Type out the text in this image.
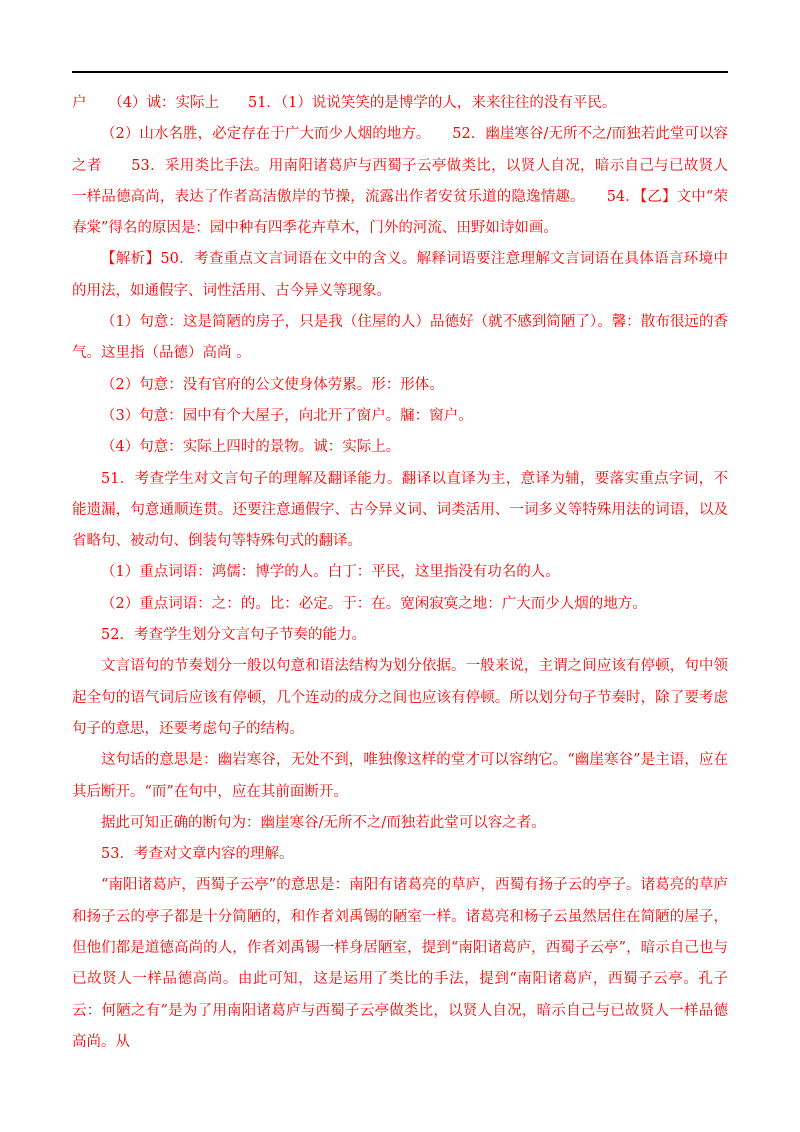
户　　（4）诚：实际上　　51．（1）说说笑笑的是博学的人，来来往往的没有平民。

（2）山水名胜，必定存在于广大而少人烟的地方。　　52．幽崖寒谷/无所不之/而独若此堂可以容之者　　53．采用类比手法。用南阳诸葛庐与西蜀子云亭做类比，以贤人自况，暗示自己与已故贤人一样品德高尚，表达了作者高洁傲岸的节操，流露出作者安贫乐道的隐逸情趣。　　54．【乙】文中“荣春棠”得名的原因是：园中种有四季花卉草木，门外的河流、田野如诗如画。

【解析】50．考查重点文言词语在文中的含义。解释词语要注意理解文言词语在具体语言环境中的用法，如通假字、词性活用、古今异义等现象。

（1）句意：这是简陋的房子，只是我（住屋的人）品德好（就不感到简陋了）。馨：散布很远的香气。这里指（品德）高尚 。

（2）句意：没有官府的公文使身体劳累。形：形体。

（3）句意：园中有个大屋子，向北开了窗户。牖：窗户。

（4）句意：实际上四时的景物。诚：实际上。

51．考查学生对文言句子的理解及翻译能力。翻译以直译为主，意译为辅，要落实重点字词，不能遗漏，句意通顺连贯。还要注意通假字、古今异义词、词类活用、一词多义等特殊用法的词语，以及省略句、被动句、倒装句等特殊句式的翻译。

（1）重点词语：鸿儒：博学的人。白丁：平民，这里指没有功名的人。

（2）重点词语：之：的。比：必定。于：在。宽闲寂寞之地：广大而少人烟的地方。

52．考查学生划分文言句子节奏的能力。

文言语句的节奏划分一般以句意和语法结构为划分依据。一般来说，主谓之间应该有停顿，句中领起全句的语气词后应该有停顿，几个连动的成分之间也应该有停顿。所以划分句子节奏时，除了要考虑句子的意思，还要考虑句子的结构。

这句话的意思是：幽岩寒谷，无处不到，唯独像这样的堂才可以容纳它。“幽崖寒谷”是主语，应在其后断开。“而”在句中，应在其前面断开。

据此可知正确的断句为：幽崖寒谷/无所不之/而独若此堂可以容之者。

53．考查对文章内容的理解。

“南阳诸葛庐，西蜀子云亭”的意思是：南阳有诸葛亮的草庐，西蜀有扬子云的亭子。诸葛亮的草庐和扬子云的亭子都是十分简陋的，和作者刘禹锡的陋室一样。诸葛亮和杨子云虽然居住在简陋的屋子，但他们都是道德高尚的人，作者刘禹锡一样身居陋室，提到“南阳诸葛庐，西蜀子云亭”，暗示自己也与已故贤人一样品德高尚。由此可知，这是运用了类比的手法，提到“南阳诸葛庐，西蜀子云亭。孔子云：何陋之有”是为了用南阳诸葛庐与西蜀子云亭做类比，以贤人自况，暗示自己与已故贤人一样品德高尚。从
